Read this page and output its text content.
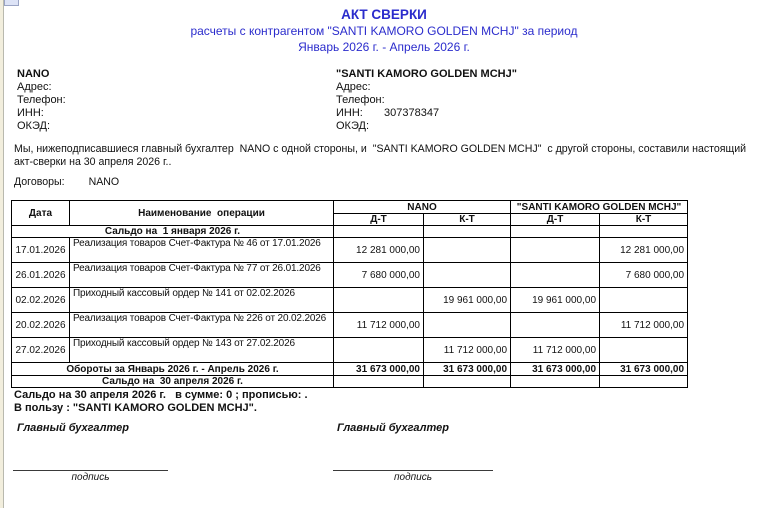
АКТ СВЕРКИ
расчеты с контрагентом "SANTI KAMORO GOLDEN MCHJ" за период
Январь 2026 г. - Апрель 2026 г.
NANO
Адрес:
Телефон:
ИНН:
ОКЭД:
"SANTI KAMORO GOLDEN MCHJ"
Адрес:
Телефон:
ИНН: 307378347
ОКЭД:
Мы, нижеподписавшиеся главный бухгалтер  NANO с одной стороны, и  "SANTI KAMORO GOLDEN MCHJ"  с другой стороны, составили настоящий акт-сверки на 30 апреля 2026 г..
Договоры: NANO
Дата	Наименование  операции	NANO		"SANTI KAMORO GOLDEN MCHJ"	
		Д-Т	К-Т	Д-Т	К-Т
Сальдо на  1 января 2026 г.					
17.01.2026	Реализация товаров Счет-Фактура № 46 от 17.01.2026	12 281 000,00			12 281 000,00
26.01.2026	Реализация товаров Счет-Фактура № 77 от 26.01.2026	7 680 000,00			7 680 000,00
02.02.2026	Приходный кассовый ордер № 141 от 02.02.2026		19 961 000,00	19 961 000,00	
20.02.2026	Реализация товаров Счет-Фактура № 226 от 20.02.2026	11 712 000,00			11 712 000,00
27.02.2026	Приходный кассовый ордер № 143 от 27.02.2026		11 712 000,00	11 712 000,00	
Обороты за Январь 2026 г. - Апрель 2026 г.		31 673 000,00	31 673 000,00	31 673 000,00	31 673 000,00
Сальдо на  30 апреля 2026 г.					
Сальдо на 30 апреля 2026 г.   в сумме: 0 ; прописью: .
В пользу : "SANTI KAMORO GOLDEN MCHJ".
Главный бухгалтер	Главный бухгалтер
подпись	подпись
